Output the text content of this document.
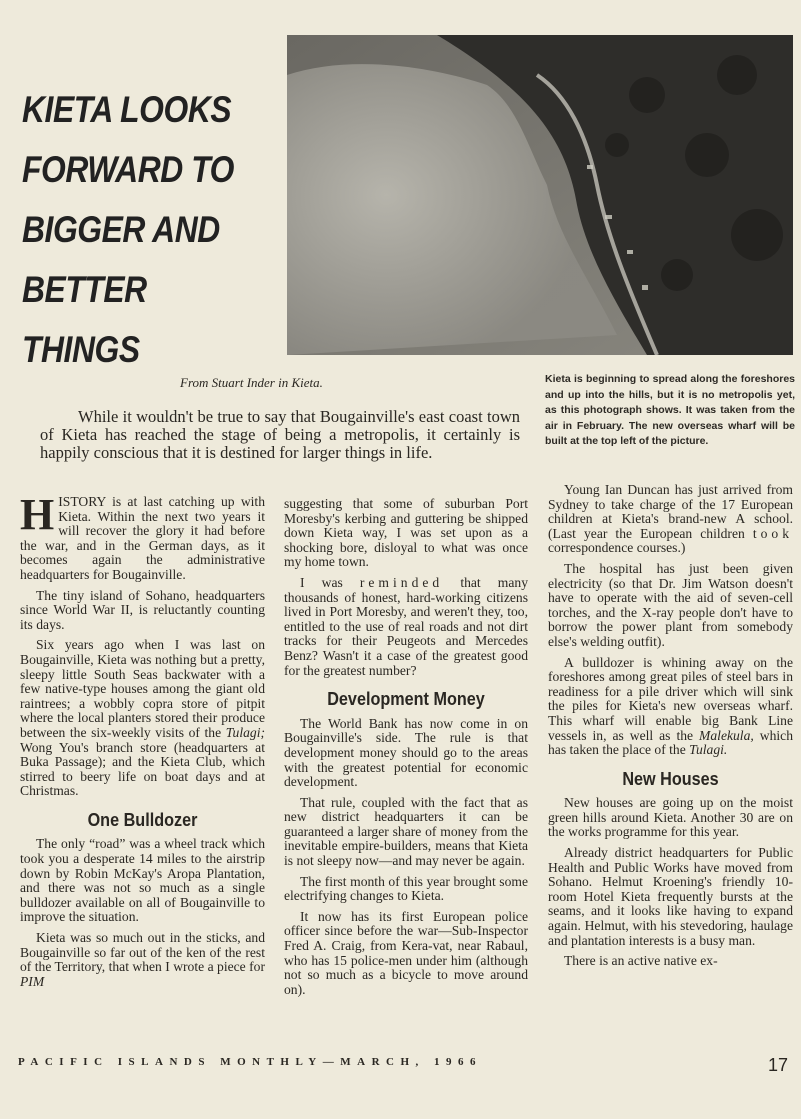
KIETA LOOKS
FORWARD TO
BIGGER AND
BETTER THINGS
From Stuart Inder in Kieta.	Kieta is beginning to spread along the foreshores and up into the hills, but it is no metropolis yet, as this photograph shows. It was taken from the air in February. The new overseas wharf will be built at the top left of the picture.
While it wouldn't be true to say that Bougainville's east coast town of Kieta has reached the stage of being a metropolis, it certainly is happily conscious that it is destined for larger things in life.

HISTORY is at last catching up with Kieta. Within the next two years it will recover the glory it had before the war, and in the German days, as it becomes again the administrative headquarters for Bougainville.

The tiny island of Sohano, headquarters since World War II, is reluctantly counting its days.

Six years ago when I was last on Bougainville, Kieta was nothing but a pretty, sleepy little South Seas backwater with a few native-type houses among the giant old raintrees; a wobbly copra store of pitpit where the local planters stored their produce between the six-weekly visits of the Tulagi; Wong You's branch store (headquarters at Buka Passage); and the Kieta Club, which stirred to beery life on boat days and at Christmas.

One Bulldozer

The only “road” was a wheel track which took you a desperate 14 miles to the airstrip down by Robin McKay's Aropa Plantation, and there was not so much as a single bulldozer available on all of Bougainville to improve the situation.

Kieta was so much out in the sticks, and Bougainville so far out of the ken of the rest of the Territory, that when I wrote a piece for PIM

suggesting that some of suburban Port Moresby's kerbing and guttering be shipped down Kieta way, I was set upon as a shocking bore, disloyal to what was once my home town.

I was reminded that many thousands of honest, hard-working citizens lived in Port Moresby, and weren't they, too, entitled to the use of real roads and not dirt tracks for their Peugeots and Mercedes Benz? Wasn't it a case of the greatest good for the greatest number?

Development Money

The World Bank has now come in on Bougainville's side. The rule is that development money should go to the areas with the greatest potential for economic development.

That rule, coupled with the fact that as new district headquarters it can be guaranteed a larger share of money from the inevitable empire-builders, means that Kieta is not sleepy now—and may never be again.

The first month of this year brought some electrifying changes to Kieta.

It now has its first European police officer since before the war—Sub-Inspector Fred A. Craig, from Kera-vat, near Rabaul, who has 15 police-men under him (although not so much as a bicycle to move around on).

Young Ian Duncan has just arrived from Sydney to take charge of the 17 European children at Kieta's brand-new A school. (Last year the European children took correspondence courses.)

The hospital has just been given electricity (so that Dr. Jim Watson doesn't have to operate with the aid of seven-cell torches, and the X-ray people don't have to borrow the power plant from somebody else's welding outfit).

A bulldozer is whining away on the foreshores among great piles of steel bars in readiness for a pile driver which will sink the piles for Kieta's new overseas wharf. This wharf will enable big Bank Line vessels in, as well as the Malekula, which has taken the place of the Tulagi.

New Houses

New houses are going up on the moist green hills around Kieta. Another 30 are on the works programme for this year.

Already district headquarters for Public Health and Public Works have moved from Sohano. Helmut Kroening's friendly 10-room Hotel Kieta frequently bursts at the seams, and it looks like having to expand again. Helmut, with his stevedoring, haulage and plantation interests is a busy man.

There is an active native ex-

PACIFIC ISLANDS MONTHLY—MARCH, 1966	17
